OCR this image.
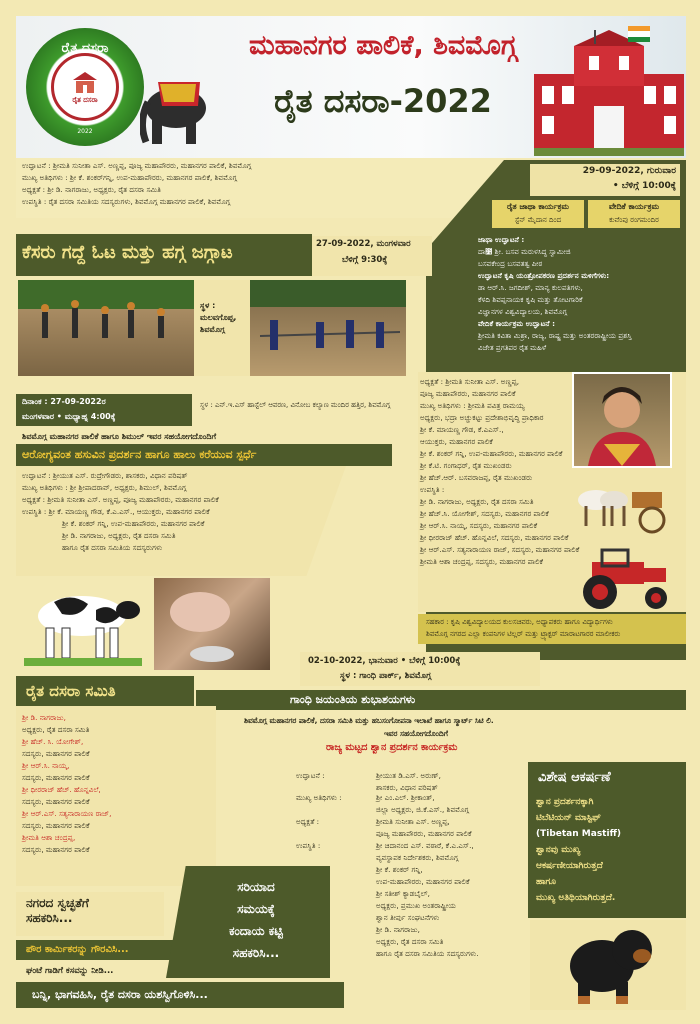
ರೈತ ದಸರಾ
ರೈತ ದಸರಾ
2022
ಮಹಾನಗರ ಪಾಲಿಕೆ, ಶಿವಮೊಗ್ಗ
ರೈತ ದಸರಾ-2022
ಉದ್ಘಾಟನೆ : ಶ್ರೀಮತಿ ಸುನೀತಾ ಎಸ್. ಅಣ್ಣಪ್ಪ, ಪೂಜ್ಯ ಮಹಾಪೌರರು, ಮಹಾನಗರ ಪಾಲಿಕೆ, ಶಿವಮೊಗ್ಗ
ಮುಖ್ಯ ಅತಿಥಿಗಳು : ಶ್ರೀ ಕೆ. ಶಂಕರ್‌ಗನ್ನಿ, ಉಪ-ಮಹಾಪೌರರು, ಮಹಾನಗರ ಪಾಲಿಕೆ, ಶಿವಮೊಗ್ಗ
ಅಧ್ಯಕ್ಷತೆ : ಶ್ರೀ ಡಿ. ನಾಗರಾಜು, ಅಧ್ಯಕ್ಷರು, ರೈತ ದಸರಾ ಸಮಿತಿ
ಉಪಸ್ಥಿತಿ : ರೈತ ದಸರಾ ಸಮಿತಿಯ ಸದಸ್ಯರುಗಳು, ಶಿವಮೊಗ್ಗ ಮಹಾನಗರ ಪಾಲಿಕೆ, ಶಿವಮೊಗ್ಗ
29-09-2022, ಗುರುವಾರ
• ಬೆಳಿಗ್ಗೆ 10:00ಕ್ಕೆ
ರೈತ ಜಾಥಾ ಕಾರ್ಯಕ್ರಮ
ಸ್ಟೆನ್ ಮೈದಾನ ದಿಂದ
ವೇದಿಕೆ ಕಾರ್ಯಕ್ರಮ
ಕುವೆಂಪು ರಂಗಮಂದಿರ
ಜಾಥಾ ಉದ್ಘಾಟನೆ :
ದಾ೹ ಶ್ರೀ. ಬಸವ ಮರುಳಸಿದ್ಧ ಸ್ವಾಮೀಜಿ
ಬಸವಕೇಂದ್ರ ಬಸವತತ್ವ ಪೀಠ
ಉದ್ಘಾಟನೆ ಕೃಷಿ ಯಂತ್ರೋಪಕರಣ ಪ್ರದರ್ಶನ ಮಳಿಗೆಗಳು:
ಡಾ ಆರ್.ಸಿ. ಜಗದೀಶ್, ಮಾನ್ಯ ಕುಲಪತಿಗಳು,
ಕೆಳದಿ ಶಿವಪ್ಪನಾಯಕ ಕೃಷಿ ಮತ್ತು ತೋಟಗಾರಿಕೆ
ವಿಜ್ಞಾನಗಳ ವಿಶ್ವವಿದ್ಯಾಲಯ, ಶಿವಮೊಗ್ಗ
ವೇದಿಕೆ ಕಾರ್ಯಕ್ರಮ ಉದ್ಘಾಟನೆ :
ಶ್ರೀಮತಿ ಕವಿತಾ ಮಿಶ್ರಾ, ರಾಜ್ಯ, ರಾಷ್ಟ್ರ ಮತ್ತು ಅಂತರರಾಷ್ಟ್ರೀಯ ಪ್ರಶಸ್ತಿ
ವಿಜೇತ ಪ್ರಗತಿಪರ ರೈತ ಮಹಿಳೆ
ಅಧ್ಯಕ್ಷತೆ : ಶ್ರೀಮತಿ ಸುನೀತಾ ಎಸ್. ಅಣ್ಣಪ್ಪ,
ಪೂಜ್ಯ ಮಹಾಪೌರರು, ಮಹಾನಗರ ಪಾಲಿಕೆ
ಮುಖ್ಯ ಅತಿಥಿಗಳು : ಶ್ರೀಮತಿ ಪವಿತ್ರ ರಾಮಯ್ಯ
ಅಧ್ಯಕ್ಷರು, ಭದ್ರಾ ಅಚ್ಚುಕಟ್ಟು ಪ್ರದೇಶಾಭಿವೃದ್ಧಿ ಪ್ರಾಧಿಕಾರ
ಶ್ರೀ ಕೆ. ಮಾಯಣ್ಣ ಗೌಡ, ಕೆ.ಎಎಸ್.,
ಆಯುಕ್ತರು, ಮಹಾನಗರ ಪಾಲಿಕೆ
ಶ್ರೀ ಕೆ. ಶಂಕರ್ ಗನ್ನಿ, ಉಪ-ಮಹಾಪೌರರು, ಮಹಾನಗರ ಪಾಲಿಕೆ
ಶ್ರೀ ಕೆ.ಟಿ. ಗಂಗಾಧರ್, ರೈತ ಮುಖಂಡರು
ಶ್ರೀ ಹೆಚ್.ಆರ್. ಬಸವರಾಜಪ್ಪ, ರೈತ ಮುಖಂಡರು
ಉಪಸ್ಥಿತಿ :
ಶ್ರೀ ಡಿ. ನಾಗರಾಜು, ಅಧ್ಯಕ್ಷರು, ರೈತ ದಸರಾ ಸಮಿತಿ
ಶ್ರೀ ಹೆಚ್.ಸಿ. ಯೋಗೇಶ್, ಸದಸ್ಯರು, ಮಹಾನಗರ ಪಾಲಿಕೆ
ಶ್ರೀ ಆರ್.ಸಿ. ನಾಯ್ಕ, ಸದಸ್ಯರು, ಮಹಾನಗರ ಪಾಲಿಕೆ
ಶ್ರೀ ಧೀರರಾಜ್ ಹೆಚ್. ಹೊನ್ನವಿಲೆ, ಸದಸ್ಯರು, ಮಹಾನಗರ ಪಾಲಿಕೆ
ಶ್ರೀ ಆರ್.ಎಸ್. ಸತ್ಯನಾರಾಯಣ ರಾಜ್, ಸದಸ್ಯರು, ಮಹಾನಗರ ಪಾಲಿಕೆ
ಶ್ರೀಮತಿ ಆಶಾ ಚಂದ್ರಪ್ಪ, ಸದಸ್ಯರು, ಮಹಾನಗರ ಪಾಲಿಕೆ
ಸಹಕಾರ : ಕೃಷಿ ವಿಶ್ವವಿದ್ಯಾಲಯದ ಕುಲಸಚಿವರು, ಅಧ್ಯಾಪಕರು ಹಾಗೂ ವಿದ್ಯಾರ್ಥಿಗಳು
ಶಿವಮೊಗ್ಗ ನಗರದ ಎಲ್ಲಾ ಕಂಪನಿಗಳ ಟಿಲ್ಲರ್ ಮತ್ತು ಟ್ರ್ಯಾಕ್ಟರ್ ಮಾರಾಟಗಾರರ ಮಾಲೀಕರು
ಕೆಸರು ಗದ್ದೆ ಓಟ ಮತ್ತು ಹಗ್ಗ ಜಗ್ಗಾಟ	27-09-2022, ಮಂಗಳವಾರ
ಬೆಳಿಗ್ಗೆ 9:30ಕ್ಕೆ
ಸ್ಥಳ : ಮಲವಗೊಪ್ಪ, ಶಿವಮೊಗ್ಗ
ದಿನಾಂಕ : 27-09-2022ರ
ಮಂಗಳವಾರ • ಮಧ್ಯಾಹ್ನ 4:00ಕ್ಕೆ
ಸ್ಥಳ : ಎನ್.ಇ.ಎಸ್ ಹಾಸ್ಟೆಲ್ ಆವರಣ, ವಿನೋಬ ಕಲ್ಯಾಣ ಮಂದಿರ ಹತ್ತಿರ, ಶಿವಮೊಗ್ಗ
ಶಿವಮೊಗ್ಗ ಮಹಾನಗರ ಪಾಲಿಕೆ ಹಾಗೂ ಶಿಮುಲ್ ಇವರ ಸಹಯೋಗದೊಂದಿಗೆ
ಆರೋಗ್ಯವಂತ ಹಸುವಿನ ಪ್ರದರ್ಶನ ಹಾಗೂ ಹಾಲು ಕರೆಯುವ ಸ್ಪರ್ಧೆ
ಉದ್ಘಾಟನೆ : ಶ್ರೀಯುತ ಎಸ್. ರುದ್ರೇಗೌಡರು, ಶಾಸಕರು, ವಿಧಾನ ಪರಿಷತ್
ಮುಖ್ಯ ಅತಿಥಿಗಳು : ಶ್ರೀ ಶ್ರೀಪಾದರಾವ್, ಅಧ್ಯಕ್ಷರು, ಶಿಮುಲ್, ಶಿವಮೊಗ್ಗ
ಅಧ್ಯಕ್ಷತೆ : ಶ್ರೀಮತಿ ಸುನೀತಾ ಎಸ್. ಅಣ್ಣಪ್ಪ, ಪೂಜ್ಯ ಮಹಾಪೌರರು, ಮಹಾನಗರ ಪಾಲಿಕೆ
ಉಪಸ್ಥಿತಿ : ಶ್ರೀ ಕೆ. ಮಾಯಣ್ಣ ಗೌಡ, ಕೆ.ಎ.ಎಸ್., ಆಯುಕ್ತರು, ಮಹಾನಗರ ಪಾಲಿಕೆ
ಶ್ರೀ ಕೆ. ಶಂಕರ್ ಗನ್ನಿ, ಉಪ-ಮಹಾಪೌರರು, ಮಹಾನಗರ ಪಾಲಿಕೆ
ಶ್ರೀ ಡಿ. ನಾಗರಾಜು, ಅಧ್ಯಕ್ಷರು, ರೈತ ದಸರಾ ಸಮಿತಿ
ಹಾಗೂ ರೈತ ದಸರಾ ಸಮಿತಿಯ ಸದಸ್ಯರುಗಳು
02-10-2022, ಭಾನುವಾರ • ಬೆಳಿಗ್ಗೆ 10:00ಕ್ಕೆ
ಸ್ಥಳ : ಗಾಂಧಿ ಪಾರ್ಕ್, ಶಿವಮೊಗ್ಗ
ಗಾಂಧಿ ಜಯಂತಿಯ ಶುಭಾಶಯಗಳು
ಶಿವಮೊಗ್ಗ ಮಹಾನಗರ ಪಾಲಿಕೆ, ದಸರಾ ಸಮಿತಿ ಮತ್ತು ಹಬಸಂಗೋಪನಾ ಇಲಾಖೆ ಹಾಗೂ ಸ್ಮಾರ್ಟ್ ಸಿಟಿ ಲಿ.
ಇವರ ಸಹಯೋಗದೊಂದಿಗೆ
ರಾಜ್ಯ ಮಟ್ಟದ ಶ್ವಾನ ಪ್ರದರ್ಶನ ಕಾರ್ಯಕ್ರಮ
ಉದ್ಘಾಟನೆ :	ಶ್ರೀಯುತ ಡಿ.ಎಸ್. ಅರುಣ್,
ಶಾಸಕರು, ವಿಧಾನ ಪರಿಷತ್
ಮುಖ್ಯ ಅತಿಥಿಗಳು :	ಶ್ರೀ ಎಂ.ಎಲ್. ಶ್ರೀಕಾಂತ್,
ಜಿಲ್ಲಾ ಅಧ್ಯಕ್ಷರು, ಜಿ.ಕೆ.ಎಸ್., ಶಿವಮೊಗ್ಗ
ಅಧ್ಯಕ್ಷತೆ :	ಶ್ರೀಮತಿ ಸುನೀತಾ ಎಸ್. ಅಣ್ಣಪ್ಪ,
ಪೂಜ್ಯ ಮಹಾಪೌರರು, ಮಹಾನಗರ ಪಾಲಿಕೆ
ಉಪಸ್ಥಿತಿ :	ಶ್ರೀ ಚಿದಾನಂದ ಎಸ್. ವಠಾರೆ, ಕೆ.ಎ.ಎಸ್.,
ವ್ಯವಸ್ಥಾಪಕ ನಿರ್ದೇಶಕರು, ಶಿವಮೊಗ್ಗ
ಶ್ರೀ ಕೆ. ಶಂಕರ್ ಗನ್ನಿ,
ಉಪ-ಮಹಾಪೌರರು, ಮಹಾನಗರ ಪಾಲಿಕೆ
ಶ್ರೀ ಸತೀಶ್ ಕ್ಯಾಡಬೈಲ್,
ಅಧ್ಯಕ್ಷರು, ಪ್ರಮುಖ ಅಂತರಾಷ್ಟ್ರೀಯ
ಶ್ವಾನ ತೀರ್ಪು ಸಂಘಟನೆಗಳು
ಶ್ರೀ ಡಿ. ನಾಗರಾಜು,
ಅಧ್ಯಕ್ಷರು, ರೈತ ದಸರಾ ಸಮಿತಿ
ಹಾಗೂ ರೈತ ದಸರಾ ಸಮಿತಿಯ ಸದಸ್ಯರುಗಳು.
ರೈತ ದಸರಾ ಸಮಿತಿ
ಶ್ರೀ ಡಿ. ನಾಗರಾಜು,
ಅಧ್ಯಕ್ಷರು, ರೈತ ದಸರಾ ಸಮಿತಿ
ಶ್ರೀ ಹೆಚ್. ಸಿ. ಯೋಗೇಶ್,
ಸದಸ್ಯರು, ಮಹಾನಗರ ಪಾಲಿಕೆ
ಶ್ರೀ ಆರ್.ಸಿ. ನಾಯ್ಕ,
ಸದಸ್ಯರು, ಮಹಾನಗರ ಪಾಲಿಕೆ
ಶ್ರೀ ಧೀರರಾಜ್ ಹೆಚ್. ಹೊನ್ನವಿಲೆ,
ಸದಸ್ಯರು, ಮಹಾನಗರ ಪಾಲಿಕೆ
ಶ್ರೀ ಆರ್.ಎಸ್. ಸತ್ಯನಾರಾಯಣ ರಾಜ್,
ಸದಸ್ಯರು, ಮಹಾನಗರ ಪಾಲಿಕೆ
ಶ್ರೀಮತಿ ಆಶಾ ಚಂದ್ರಪ್ಪ,
ಸದಸ್ಯರು, ಮಹಾನಗರ ಪಾಲಿಕೆ
ನಗರದ ಸ್ವಚ್ಛತೆಗೆ
ಸಹಕರಿಸಿ...
ಪೌರ ಕಾರ್ಮಿಕರನ್ನು ಗೌರವಿಸಿ...
ಘಂಟೆ ಗಾಡಿಗೆ ಕಸವನ್ನು ನೀಡಿ...
ಸರಿಯಾದ
ಸಮಯಕ್ಕೆ
ಕಂದಾಯ ಕಟ್ಟಿ
ಸಹಕರಿಸಿ...
ಬನ್ನಿ, ಭಾಗವಹಿಸಿ, ರೈತ ದಸರಾ ಯಶಸ್ವಿಗೊಳಿಸಿ...
ವಿಶೇಷ ಆಕರ್ಷಣೆ
ಶ್ವಾನ ಪ್ರದರ್ಶನಕ್ಕಾಗಿ
ಟಿಬೆಟಿಯನ್ ಮಾಸ್ಟಿಫ್
(Tibetan Mastiff)
ಶ್ವಾನವು ಮುಖ್ಯ
ಆಕರ್ಷಣೀಯಾಗಿರುತ್ತದೆ
ಹಾಗೂ
ಮುಖ್ಯ ಅತಿಥಿಯಾಗಿರುತ್ತದೆ.
